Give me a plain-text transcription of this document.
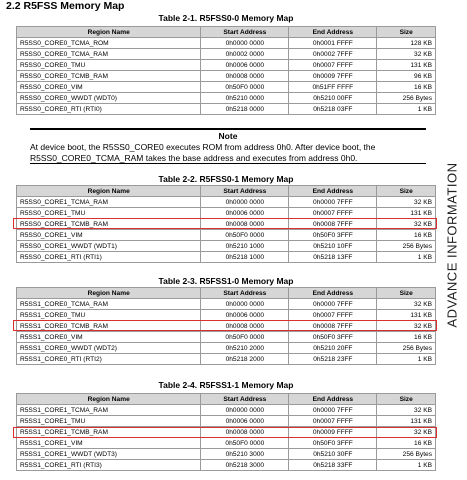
2.2 R5FSS Memory Map
Table 2-1. R5FSS0-0 Memory Map
Region Name	Start Address	End Address	Size
R5SS0_CORE0_TCMA_ROM	0h0000 0000	0h0001 FFFF	128 KB
R5SS0_CORE0_TCMA_RAM	0h0002 0000	0h0002 7FFF	32 KB
R5SS0_CORE0_TMU	0h0006 0000	0h0007 FFFF	131 KB
R5SS0_CORE0_TCMB_RAM	0h0008 0000	0h0009 7FFF	96 KB
R5SS0_CORE0_VIM	0h50F0 0000	0h51FF FFFF	16 KB
R5SS0_CORE0_WWDT (WDT0)	0h5210 0000	0h5210 00FF	256 Bytes
R5SS0_CORE0_RTI (RTI0)	0h5218 0000	0h5218 03FF	1 KB
Note
At device boot, the R5SS0_CORE0 executes ROM from address 0h0. After device boot, the
R5SS0_CORE0_TCMA_RAM takes the base address and executes from address 0h0.
Table 2-2. R5FSS0-1 Memory Map
Region Name	Start Address	End Address	Size
R5SS0_CORE1_TCMA_RAM	0h0000 0000	0h0000 7FFF	32 KB
R5SS0_CORE1_TMU	0h0006 0000	0h0007 FFFF	131 KB
R5SS0_CORE1_TCMB_RAM	0h0008 0000	0h0008 7FFF	32 KB
R5SS0_CORE1_VIM	0h50F0 0000	0h50F0 3FFF	16 KB
R5SS0_CORE1_WWDT (WDT1)	0h5210 1000	0h5210 10FF	256 Bytes
R5SS0_CORE1_RTI (RTI1)	0h5218 1000	0h5218 13FF	1 KB
Table 2-3. R5FSS1-0 Memory Map
Region Name	Start Address	End Address	Size
R5SS1_CORE0_TCMA_RAM	0h0000 0000	0h0000 7FFF	32 KB
R5SS1_CORE0_TMU	0h0006 0000	0h0007 FFFF	131 KB
R5SS1_CORE0_TCMB_RAM	0h0008 0000	0h0008 7FFF	32 KB
R5SS1_CORE0_VIM	0h50F0 0000	0h50F0 3FFF	16 KB
R5SS1_CORE0_WWDT (WDT2)	0h5210 2000	0h5210 20FF	256 Bytes
R5SS1_CORE0_RTI (RTI2)	0h5218 2000	0h5218 23FF	1 KB
Table 2-4. R5FSS1-1 Memory Map
Region Name	Start Address	End Address	Size
R5SS1_CORE1_TCMA_RAM	0h0000 0000	0h0000 7FFF	32 KB
R5SS1_CORE1_TMU	0h0006 0000	0h0007 FFFF	131 KB
R5SS1_CORE1_TCMB_RAM	0h0008 0000	0h0009 FFFF	32 KB
R5SS1_CORE1_VIM	0h50F0 0000	0h50F0 3FFF	16 KB
R5SS1_CORE1_WWDT (WDT3)	0h5210 3000	0h5210 30FF	256 Bytes
R5SS1_CORE1_RTI (RTI3)	0h5218 3000	0h5218 33FF	1 KB
ADVANCE INFORMATION
